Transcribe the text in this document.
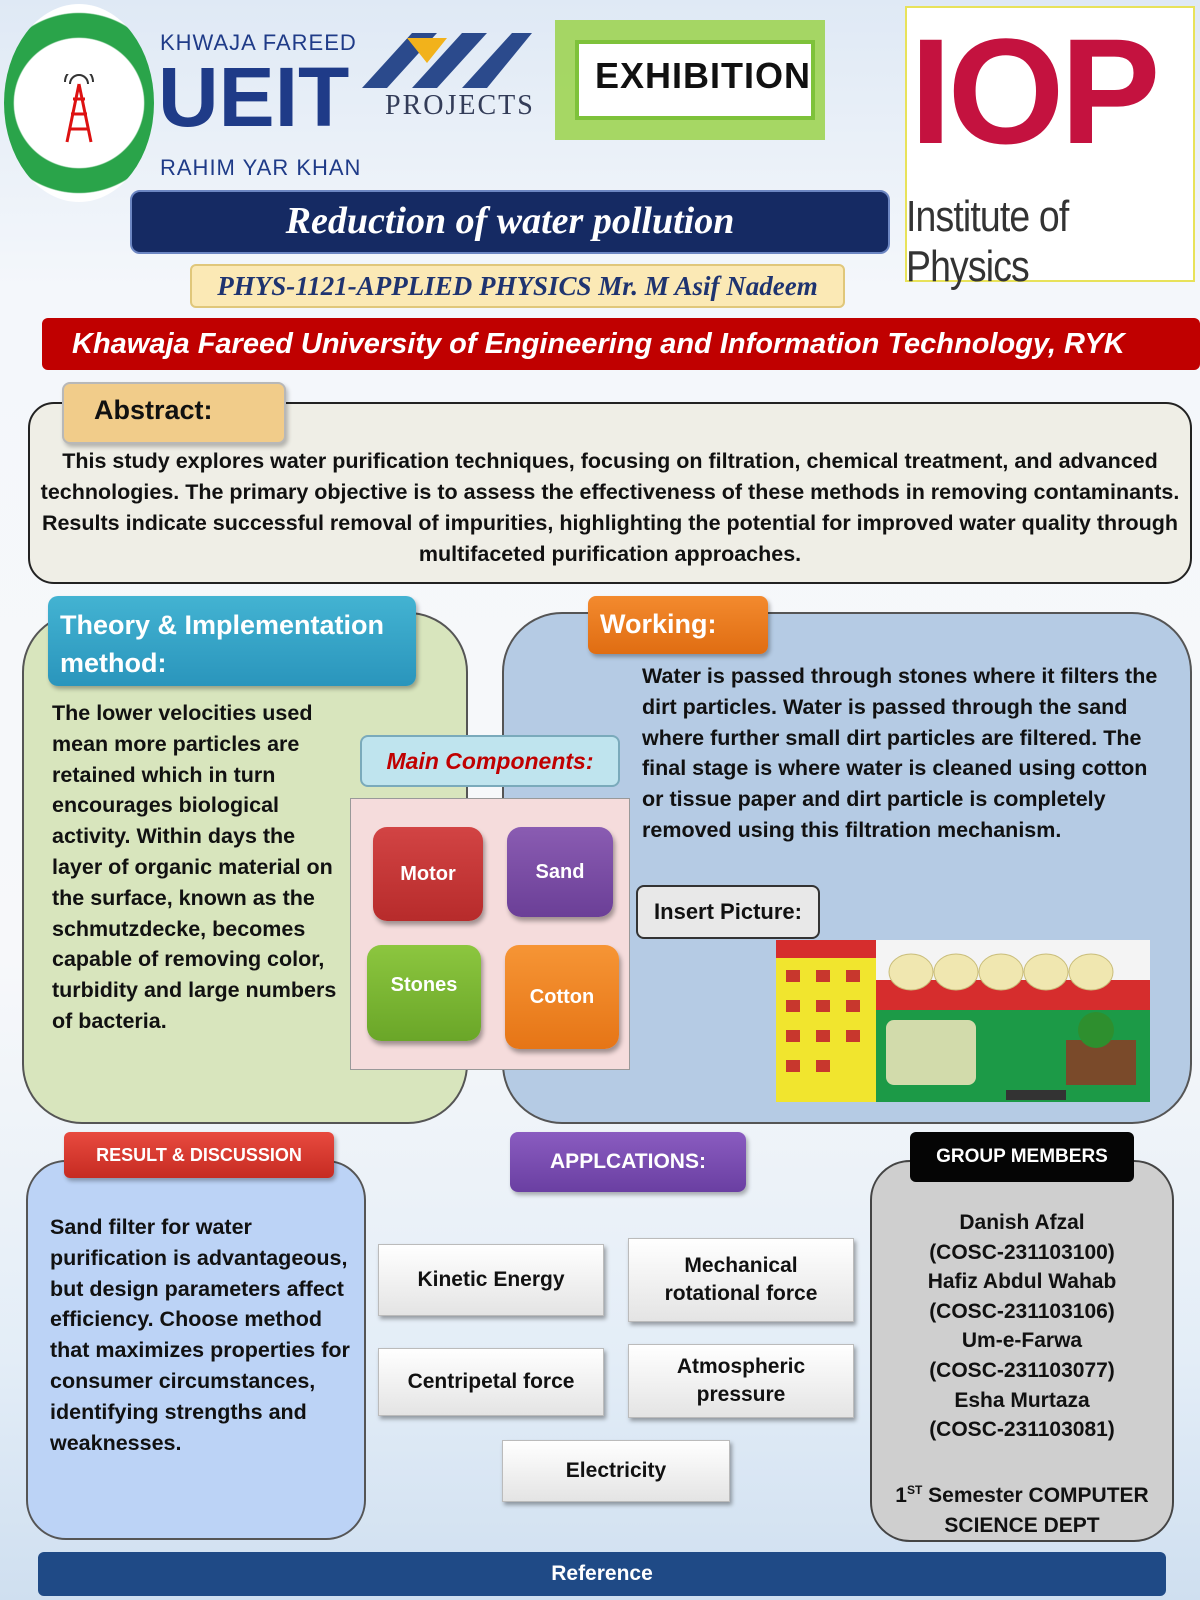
KHWAJA FAREED
UEIT
RAHIM YAR KHAN
PROJECTS
EXHIBITION IOP
Institute of Physics
Reduction of water pollution
PHYS-1121-APPLIED PHYSICS Mr. M Asif Nadeem
Khawaja Fareed University of Engineering and Information Technology, RYK
Abstract:
This study explores water purification techniques, focusing on filtration, chemical treatment, and advanced technologies. The primary objective is to assess the effectiveness of these methods in removing contaminants. Results indicate successful removal of impurities, highlighting the potential for improved water quality through multifaceted purification approaches.
Theory & Implementation method:
The lower velocities used mean more particles are retained which in turn encourages biological activity. Within days the layer of organic material on the surface, known as the schmutzdecke, becomes capable of removing color, turbidity and large numbers of bacteria.
Working:
Water is passed through stones where it filters the dirt particles. Water is passed through the sand where further small dirt particles are filtered. The final stage is where water is cleaned using cotton or tissue paper and dirt particle is completely removed using this filtration mechanism.
Insert Picture:
Main Components:
Motor	Sand
Stones
Cotton
RESULT & DISCUSSION
Sand filter for water purification is advantageous, but design parameters affect efficiency. Choose method that maximizes properties for consumer circumstances, identifying strengths and weaknesses.
APPLCATIONS:
Kinetic Energy
Mechanical rotational force
Centripetal force
Atmospheric pressure
Electricity
GROUP MEMBERS
Danish Afzal
(COSC-231103100)
Hafiz Abdul Wahab
(COSC-231103106)
Um-e-Farwa
(COSC-231103077)
Esha Murtaza
(COSC-231103081)
1ST Semester COMPUTER SCIENCE DEPT
Reference
